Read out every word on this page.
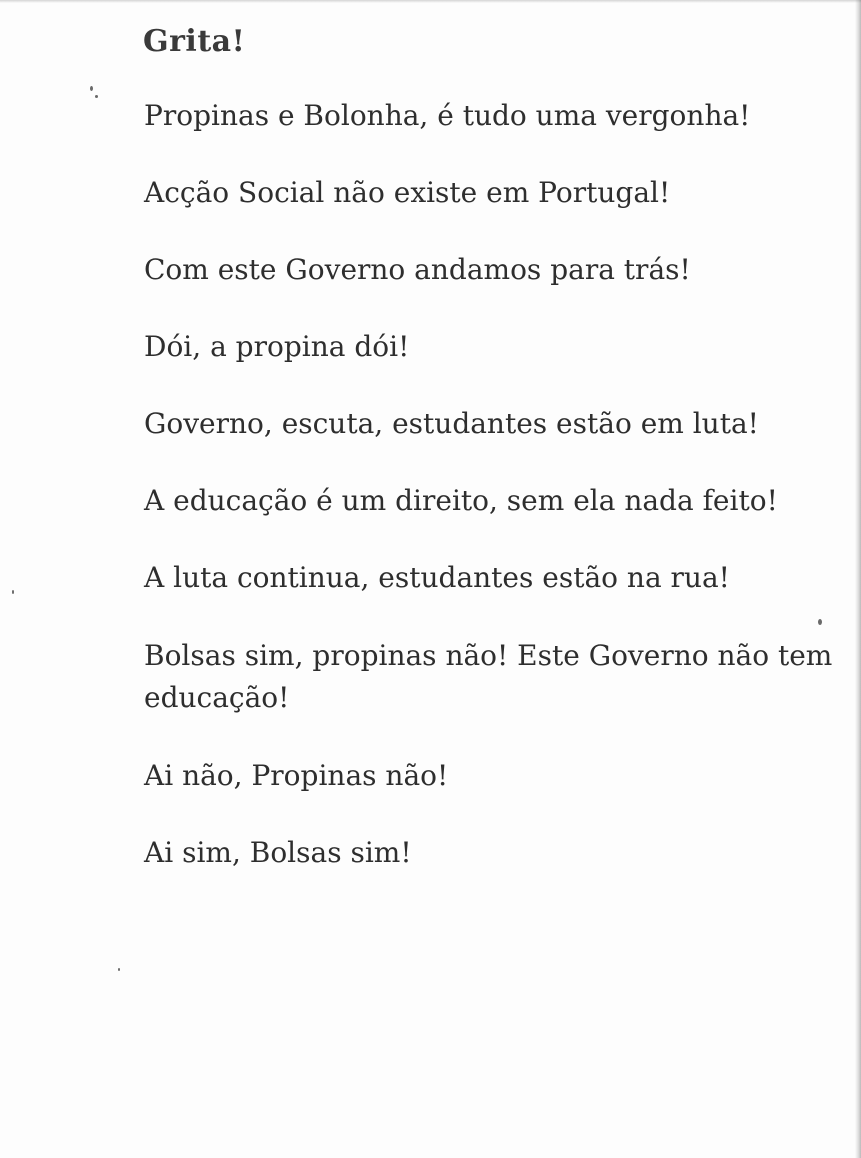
Grita!
Propinas e Bolonha, é tudo uma vergonha!
Acção Social não existe em Portugal!
Com este Governo andamos para trás!
Dói, a propina dói!
Governo, escuta, estudantes estão em luta!
A educação é um direito, sem ela nada feito!
A luta continua, estudantes estão na rua!
Bolsas sim, propinas não! Este Governo não tem educação!
Ai não, Propinas não!
Ai sim, Bolsas sim!
